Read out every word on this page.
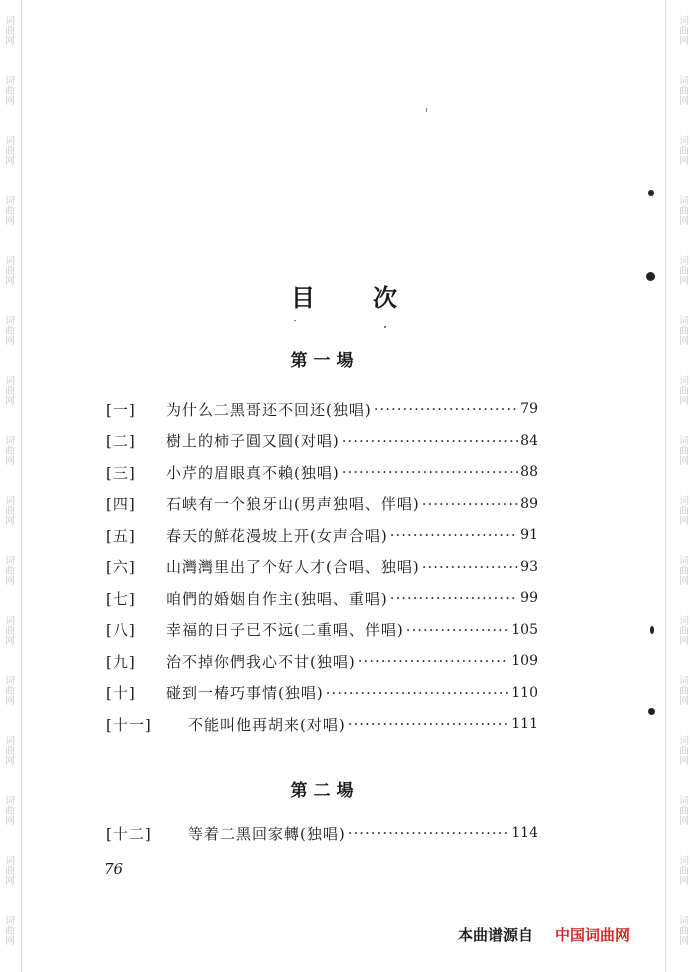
词曲网
词曲网
词曲网
词曲网
词曲网
词曲网
词曲网
词曲网
词曲网
词曲网
词曲网
词曲网
词曲网
词曲网
词曲网
词曲网
词曲网
词曲网
词曲网
词曲网
词曲网
词曲网
词曲网
词曲网
词曲网
词曲网
词曲网
词曲网
词曲网
词曲网
词曲网
词曲网
目 次
第一場
[一]	为什么二黑哥还不回还(独唱) ·····	79
[二]	樹上的柿子圓又圓(对唱) ·····	84
[三]	小芹的眉眼真不賴(独唱) ·····	88
[四]	石峡有一个狼牙山(男声独唱、伴唱) ·····	89
[五]	春天的鮮花漫坡上开(女声合唱) ·····	91
[六]	山灣灣里出了个好人才(合唱、独唱) ·····	93
[七]	咱們的婚姻自作主(独唱、重唱) ·····	99
[八]	幸福的日子已不远(二重唱、伴唱) ·····	105
[九]	治不掉你們我心不甘(独唱) ·····	109
[十]	碰到一椿巧事情(独唱) ·····	110
[十一]	不能叫他再胡来(对唱) ·····	111
第二場
[十二]	等着二黑回家轉(独唱) ·····	114
76
本曲谱源自 中国词曲网
